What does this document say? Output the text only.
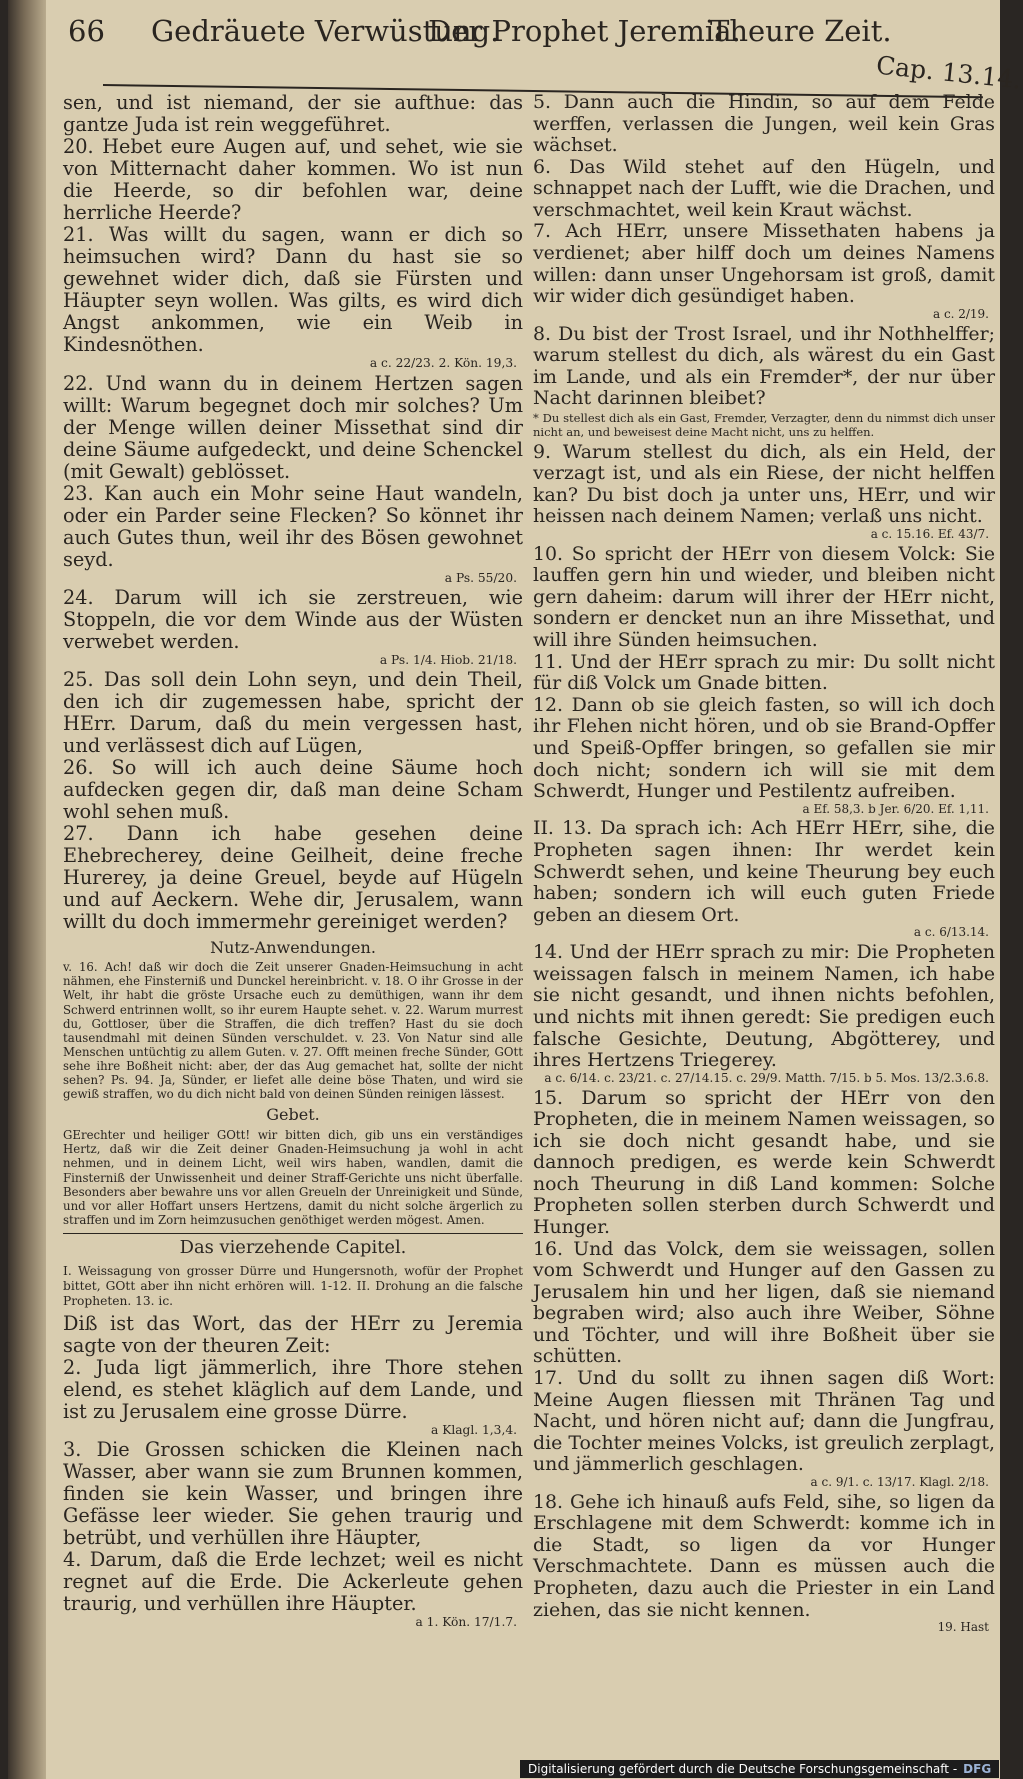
66 Gedräuete Verwüstung.
Der Prophet Jeremia.
Theure Zeit.
Cap. 13.14.

sen, und ist niemand, der sie aufthue: das gantze Juda ist rein weggeführet.

20. Hebet eure Augen auf, und sehet, wie sie von Mitternacht daher kommen. Wo ist nun die Heerde, so dir befohlen war, deine herrliche Heerde?

21. Was willt du sagen, wann er dich so heimsuchen wird? Dann du hast sie so gewehnet wider dich, daß sie Fürsten und Häupter seyn wollen. Was gilts, es wird dich Angst ankommen, wie ein Weib in Kindesnöthen.

a c. 22/23. 2. Kön. 19,3.

22. Und wann du in deinem Hertzen sagen willt: Warum begegnet doch mir solches? Um der Menge willen deiner Missethat sind dir deine Säume aufgedeckt, und deine Schenckel (mit Gewalt) geblösset.

23. Kan auch ein Mohr seine Haut wandeln, oder ein Parder seine Flecken? So könnet ihr auch Gutes thun, weil ihr des Bösen gewohnet seyd.

a Ps. 55/20.

24. Darum will ich sie zerstreuen, wie Stoppeln, die vor dem Winde aus der Wüsten verwebet werden.

a Ps. 1/4. Hiob. 21/18.

25. Das soll dein Lohn seyn, und dein Theil, den ich dir zugemessen habe, spricht der HErr. Darum, daß du mein vergessen hast, und verlässest dich auf Lügen,

26. So will ich auch deine Säume hoch aufdecken gegen dir, daß man deine Scham wohl sehen muß.

27. Dann ich habe gesehen deine Ehebrecherey, deine Geilheit, deine freche Hurerey, ja deine Greuel, beyde auf Hügeln und auf Aeckern. Wehe dir, Jerusalem, wann willt du doch immermehr gereiniget werden?

Nutz-Anwendungen.

v. 16. Ach! daß wir doch die Zeit unserer Gnaden-Heimsuchung in acht nähmen, ehe Finsterniß und Dunckel hereinbricht. v. 18. O ihr Grosse in der Welt, ihr habt die gröste Ursache euch zu demüthigen, wann ihr dem Schwerd entrinnen wollt, so ihr eurem Haupte sehet. v. 22. Warum murrest du, Gottloser, über die Straffen, die dich treffen? Hast du sie doch tausendmahl mit deinen Sünden verschuldet. v. 23. Von Natur sind alle Menschen untüchtig zu allem Guten. v. 27. Offt meinen freche Sünder, GOtt sehe ihre Boßheit nicht: aber, der das Aug gemachet hat, sollte der nicht sehen? Ps. 94. Ja, Sünder, er liefet alle deine böse Thaten, und wird sie gewiß straffen, wo du dich nicht bald von deinen Sünden reinigen lässest.

Gebet.

GErechter und heiliger GOtt! wir bitten dich, gib uns ein verständiges Hertz, daß wir die Zeit deiner Gnaden-Heimsuchung ja wohl in acht nehmen, und in deinem Licht, weil wirs haben, wandlen, damit die Finsterniß der Unwissenheit und deiner Straff-Gerichte uns nicht überfalle. Besonders aber bewahre uns vor allen Greueln der Unreinigkeit und Sünde, und vor aller Hoffart unsers Hertzens, damit du nicht solche ärgerlich zu straffen und im Zorn heimzusuchen genöthiget werden mögest. Amen.

Das vierzehende Capitel.

I. Weissagung von grosser Dürre und Hungersnoth, wofür der Prophet bittet, GOtt aber ihn nicht erhören will. 1-12. II. Drohung an die falsche Propheten. 13. ic.

Diß ist das Wort, das der HErr zu Jeremia sagte von der theuren Zeit:

2. Juda ligt jämmerlich, ihre Thore stehen elend, es stehet kläglich auf dem Lande, und ist zu Jerusalem eine grosse Dürre.

a Klagl. 1,3,4.

3. Die Grossen schicken die Kleinen nach Wasser, aber wann sie zum Brunnen kommen, finden sie kein Wasser, und bringen ihre Gefässe leer wieder. Sie gehen traurig und betrübt, und verhüllen ihre Häupter,

4. Darum, daß die Erde lechzet; weil es nicht regnet auf die Erde. Die Ackerleute gehen traurig, und verhüllen ihre Häupter.

a 1. Kön. 17/1.7.

5. Dann auch die Hindin, so auf dem Felde werffen, verlassen die Jungen, weil kein Gras wächset.

6. Das Wild stehet auf den Hügeln, und schnappet nach der Lufft, wie die Drachen, und verschmachtet, weil kein Kraut wächst.

7. Ach HErr, unsere Missethaten habens ja verdienet; aber hilff doch um deines Namens willen: dann unser Ungehorsam ist groß, damit wir wider dich gesündiget haben.

a c. 2/19.

8. Du bist der Trost Israel, und ihr Nothhelffer; warum stellest du dich, als wärest du ein Gast im Lande, und als ein Fremder*, der nur über Nacht darinnen bleibet?

* Du stellest dich als ein Gast, Fremder, Verzagter, denn du nimmst dich unser nicht an, und beweisest deine Macht nicht, uns zu helffen.

9. Warum stellest du dich, als ein Held, der verzagt ist, und als ein Riese, der nicht helffen kan? Du bist doch ja unter uns, HErr, und wir heissen nach deinem Namen; verlaß uns nicht.

a c. 15.16. Ef. 43/7.

10. So spricht der HErr von diesem Volck: Sie lauffen gern hin und wieder, und bleiben nicht gern daheim: darum will ihrer der HErr nicht, sondern er dencket nun an ihre Missethat, und will ihre Sünden heimsuchen.

11. Und der HErr sprach zu mir: Du sollt nicht für diß Volck um Gnade bitten.

12. Dann ob sie gleich fasten, so will ich doch ihr Flehen nicht hören, und ob sie Brand-Opffer und Speiß-Opffer bringen, so gefallen sie mir doch nicht; sondern ich will sie mit dem Schwerdt, Hunger und Pestilentz aufreiben.

a Ef. 58,3. b Jer. 6/20. Ef. 1,11.

II. 13. Da sprach ich: Ach HErr HErr, sihe, die Propheten sagen ihnen: Ihr werdet kein Schwerdt sehen, und keine Theurung bey euch haben; sondern ich will euch guten Friede geben an diesem Ort.

a c. 6/13.14.

14. Und der HErr sprach zu mir: Die Propheten weissagen falsch in meinem Namen, ich habe sie nicht gesandt, und ihnen nichts befohlen, und nichts mit ihnen geredt: Sie predigen euch falsche Gesichte, Deutung, Abgötterey, und ihres Hertzens Triegerey.

a c. 6/14. c. 23/21. c. 27/14.15. c. 29/9. Matth. 7/15. b 5. Mos. 13/2.3.6.8.

15. Darum so spricht der HErr von den Propheten, die in meinem Namen weissagen, so ich sie doch nicht gesandt habe, und sie dannoch predigen, es werde kein Schwerdt noch Theurung in diß Land kommen: Solche Propheten sollen sterben durch Schwerdt und Hunger.

16. Und das Volck, dem sie weissagen, sollen vom Schwerdt und Hunger auf den Gassen zu Jerusalem hin und her ligen, daß sie niemand begraben wird; also auch ihre Weiber, Söhne und Töchter, und will ihre Boßheit über sie schütten.

17. Und du sollt zu ihnen sagen diß Wort: Meine Augen fliessen mit Thränen Tag und Nacht, und hören nicht auf; dann die Jungfrau, die Tochter meines Volcks, ist greulich zerplagt, und jämmerlich geschlagen.

a c. 9/1. c. 13/17. Klagl. 2/18.

18. Gehe ich hinauß aufs Feld, sihe, so ligen da Erschlagene mit dem Schwerdt: komme ich in die Stadt, so ligen da vor Hunger Verschmachtete. Dann es müssen auch die Propheten, dazu auch die Priester in ein Land ziehen, das sie nicht kennen.

19. Hast
Digitalisierung gefördert durch die Deutsche Forschungsgemeinschaft - DFG
